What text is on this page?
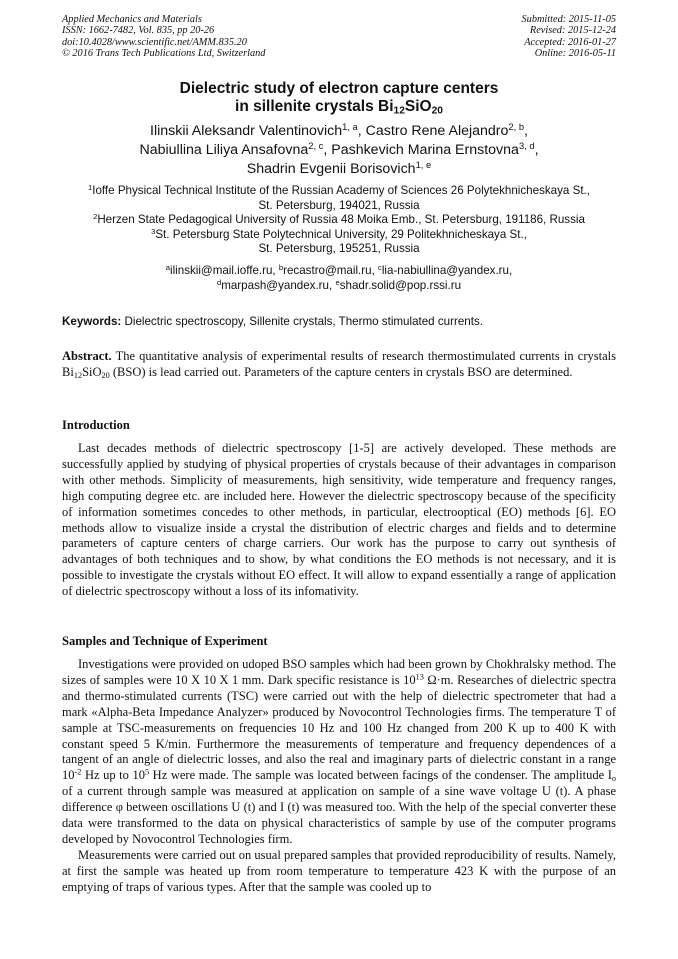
Applied Mechanics and Materials
ISSN: 1662-7482, Vol. 835, pp 20-26
doi:10.4028/www.scientific.net/AMM.835.20
© 2016 Trans Tech Publications Ltd, Switzerland
Submitted: 2015-11-05
Revised: 2015-12-24
Accepted: 2016-01-27
Online: 2016-05-11
Dielectric study of electron capture centers
in sillenite crystals $Bi_{12}SiO_{20}$
Ilinskii Aleksandr Valentinovich$^{1, a}$, Castro Rene Alejandro$^{2, b}$,
Nabiullina Liliya Ansafovna$^{2, c}$, Pashkevich Marina Ernstovna$^{3, d}$,
Shadrin Evgenii Borisovich$^{1, e}$
$^1$Ioffe Physical Technical Institute of the Russian Academy of Sciences 26 Polytekhnicheskaya St.,
St. Petersburg, 194021, Russia
$^2$Herzen State Pedagogical University of Russia 48 Moika Emb., St. Petersburg, 191186, Russia
$^3$St. Petersburg State Polytechnical University, 29 Politekhnicheskaya St.,
St. Petersburg, 195251, Russia
$^a$ilinskii@mail.ioffe.ru, $^b$recastro@mail.ru, $^c$lia-nabiullina@yandex.ru,
$^d$marpash@yandex.ru, $^e$shadr.solid@pop.rssi.ru
Keywords: Dielectric spectroscopy, Sillenite crystals, Thermo stimulated currents.

Abstract. The quantitative analysis of experimental results of research thermostimulated currents in crystals $Bi_{12}SiO_{20}$ (BSO) is lead carried out. Parameters of the capture centers in crystals BSO are determined.

Introduction

Last decades methods of dielectric spectroscopy [1-5] are actively developed. These methods are successfully applied by studying of physical properties of crystals because of their advantages in comparison with other methods. Simplicity of measurements, high sensitivity, wide temperature and frequency ranges, high computing degree etc. are included here. However the dielectric spectroscopy because of the specificity of information sometimes concedes to other methods, in particular, electrooptical (EO) methods [6]. EO methods allow to visualize inside a crystal the distribution of electric charges and fields and to determine parameters of capture centers of charge carriers. Our work has the purpose to carry out synthesis of advantages of both techniques and to show, by what conditions the EO methods is not necessary, and it is possible to investigate the crystals without EO effect. It will allow to expand essentially a range of application of dielectric spectroscopy without a loss of its infomativity.

Samples and Technique of Experiment

Investigations were provided on udoped BSO samples which had been grown by Chokhralsky method. The sizes of samples were 10 X 10 X 1 mm. Dark specific resistance is $10^{13}$ Ω·m. Researches of dielectric spectra and thermo-stimulated currents (TSC) were carried out with the help of dielectric spectrometer that had a mark «Alpha-Beta Impedance Analyzer» produced by Novocontrol Technologies firms. The temperature T of sample at TSC-measurements on frequencies 10 Hz and 100 Hz changed from 200 K up to 400 K with constant speed 5 K/min. Furthermore the measurements of temperature and frequency dependences of a tangent of an angle of dielectric losses, and also the real and imaginary parts of dielectric constant in a range $10^{-2}$ Hz up to $10^5$ Hz were made. The sample was located between facings of the condenser. The amplitude $I_o$ of a current through sample was measured at application on sample of a sine wave voltage U (t). A phase difference φ between oscillations U (t) and I (t) was measured too. With the help of the special converter these data were transformed to the data on physical characteristics of sample by use of the computer programs developed by Novocontrol Technologies firm.

Measurements were carried out on usual prepared samples that provided reproducibility of results. Namely, at first the sample was heated up from room temperature to temperature 423 K with the purpose of an emptying of traps of various types. After that the sample was cooled up to
